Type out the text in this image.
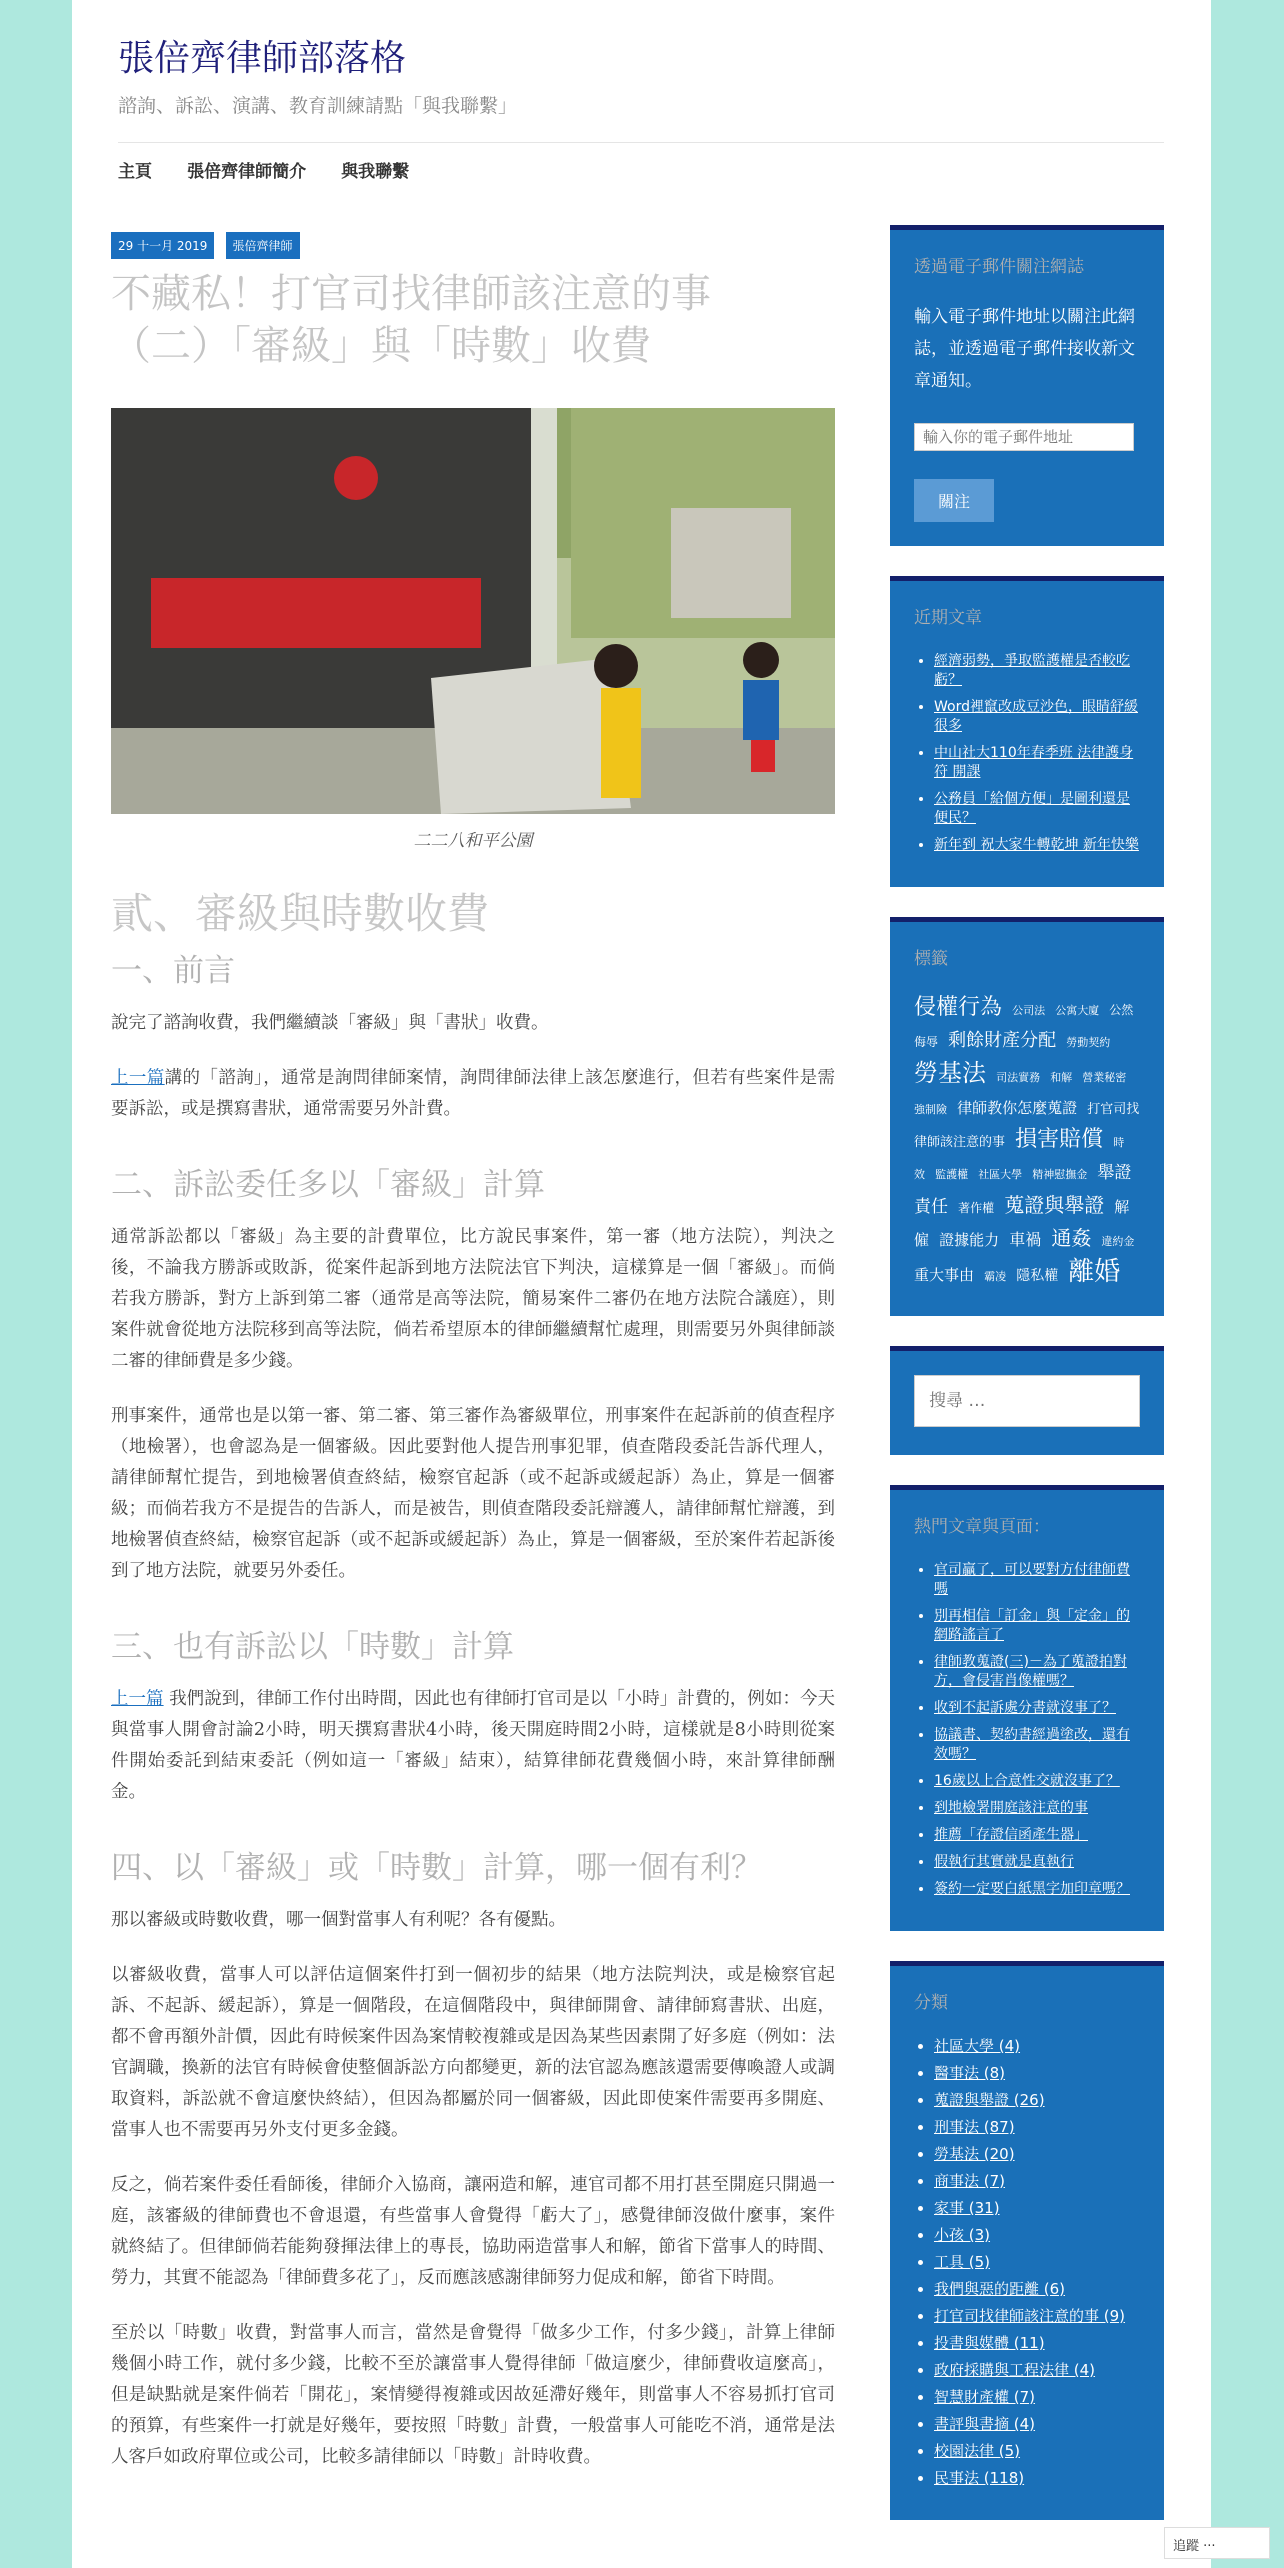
張倍齊律師部落格
諮詢、訴訟、演講、教育訓練請點「與我聯繫」
主頁 張倍齊律師簡介 與我聯繫
29 十一月 2019 張倍齊律師
不藏私！打官司找律師該注意的事
（二）「審級」與「時數」收費
二二八和平公園
貳、審級與時數收費
一、前言

說完了諮詢收費，我們繼續談「審級」與「書狀」收費。

上一篇講的「諮詢」，通常是詢問律師案情，詢問律師法律上該怎麼進行，但若有些案件是需要訴訟，或是撰寫書狀，通常需要另外計費。

二、訴訟委任多以「審級」計算

通常訴訟都以「審級」為主要的計費單位，比方說民事案件，第一審（地方法院），判決之後，不論我方勝訴或敗訴，從案件起訴到地方法院法官下判決，這樣算是一個「審級」。而倘若我方勝訴，對方上訴到第二審（通常是高等法院，簡易案件二審仍在地方法院合議庭），則案件就會從地方法院移到高等法院，倘若希望原本的律師繼續幫忙處理，則需要另外與律師談二審的律師費是多少錢。

刑事案件，通常也是以第一審、第二審、第三審作為審級單位，刑事案件在起訴前的偵查程序（地檢署），也會認為是一個審級。因此要對他人提告刑事犯罪，偵查階段委託告訴代理人，請律師幫忙提告，到地檢署偵查終結，檢察官起訴（或不起訴或緩起訴）為止，算是一個審級；而倘若我方不是提告的告訴人，而是被告，則偵查階段委託辯護人，請律師幫忙辯護，到地檢署偵查終結，檢察官起訴（或不起訴或緩起訴）為止，算是一個審級，至於案件若起訴後到了地方法院，就要另外委任。

三、也有訴訟以「時數」計算

上一篇 我們說到，律師工作付出時間，因此也有律師打官司是以「小時」計費的，例如：今天與當事人開會討論2小時，明天撰寫書狀4小時，後天開庭時間2小時，這樣就是8小時則從案件開始委託到結束委託（例如這一「審級」結束），結算律師花費幾個小時，來計算律師酬金。

四、以「審級」或「時數」計算，哪一個有利？

那以審級或時數收費，哪一個對當事人有利呢？各有優點。

以審級收費，當事人可以評估這個案件打到一個初步的結果（地方法院判決，或是檢察官起訴、不起訴、緩起訴），算是一個階段，在這個階段中，與律師開會、請律師寫書狀、出庭，都不會再額外計價，因此有時候案件因為案情較複雜或是因為某些因素開了好多庭（例如：法官調職，換新的法官有時候會使整個訴訟方向都變更，新的法官認為應該還需要傳喚證人或調取資料，訴訟就不會這麼快終結），但因為都屬於同一個審級，因此即使案件需要再多開庭、當事人也不需要再另外支付更多金錢。

反之，倘若案件委任看師後，律師介入協商，讓兩造和解，連官司都不用打甚至開庭只開過一庭，該審級的律師費也不會退還，有些當事人會覺得「虧大了」，感覺律師沒做什麼事，案件就終結了。但律師倘若能夠發揮法律上的專長，協助兩造當事人和解，節省下當事人的時間、勞力，其實不能認為「律師費多花了」，反而應該感謝律師努力促成和解，節省下時間。

至於以「時數」收費，對當事人而言，當然是會覺得「做多少工作，付多少錢」，計算上律師幾個小時工作，就付多少錢，比較不至於讓當事人覺得律師「做這麼少，律師費收這麼高」，但是缺點就是案件倘若「開花」，案情變得複雜或因故延滯好幾年，則當事人不容易抓打官司的預算，有些案件一打就是好幾年，要按照「時數」計費，一般當事人可能吃不消，通常是法人客戶如政府單位或公司，比較多請律師以「時數」計時收費。

透過電子郵件關注網誌

輸入電子郵件地址以關注此網誌，並透過電子郵件接收新文章通知。

輸入你的電子郵件地址
關注
近期文章
• 經濟弱勢，爭取監護權是否較吃虧？
• Word裡竄改成豆沙色，眼睛舒緩很多
• 中山社大110年春季班 法律護身符 開課
• 公務員「給個方便」是圖利還是便民？
• 新年到 祝大家牛轉乾坤 新年快樂
標籤
侵權行為 公司法 公寓大廈 公然侮辱 剩餘財產分配 勞動契約 勞基法 司法實務 和解 營業秘密 強制險 律師教你怎麼蒐證 打官司找律師該注意的事 損害賠償 時效 監護權 社區大學 精神慰撫金 舉證責任 著作權 蒐證與舉證 解僱 證據能力 車禍 通姦 違約金 重大事由 霸凌 隱私權 離婚
搜尋 …
熱門文章與頁面：
• 官司贏了，可以要對方付律師費嗎
• 別再相信「訂金」與「定金」的網路謠言了
• 律師教蒐證(三)－為了蒐證拍對方，會侵害肖像權嗎？
• 收到不起訴處分書就沒事了？
• 協議書、契約書經過塗改，還有效嗎？
• 16歲以上合意性交就沒事了？
• 到地檢署開庭該注意的事
• 推薦「存證信函產生器」
• 假執行其實就是真執行
• 簽約一定要白紙黑字加印章嗎？
分類
• 社區大學 (4)
• 醫事法 (8)
• 蒐證與舉證 (26)
• 刑事法 (87)
• 勞基法 (20)
• 商事法 (7)
• 家事 (31)
• 小孩 (3)
• 工具 (5)
• 我們與惡的距離 (6)
• 打官司找律師該注意的事 (9)
• 投書與媒體 (11)
• 政府採購與工程法律 (4)
• 智慧財產權 (7)
• 書評與書摘 (4)
• 校園法律 (5)
• 民事法 (118)
追蹤 ···
